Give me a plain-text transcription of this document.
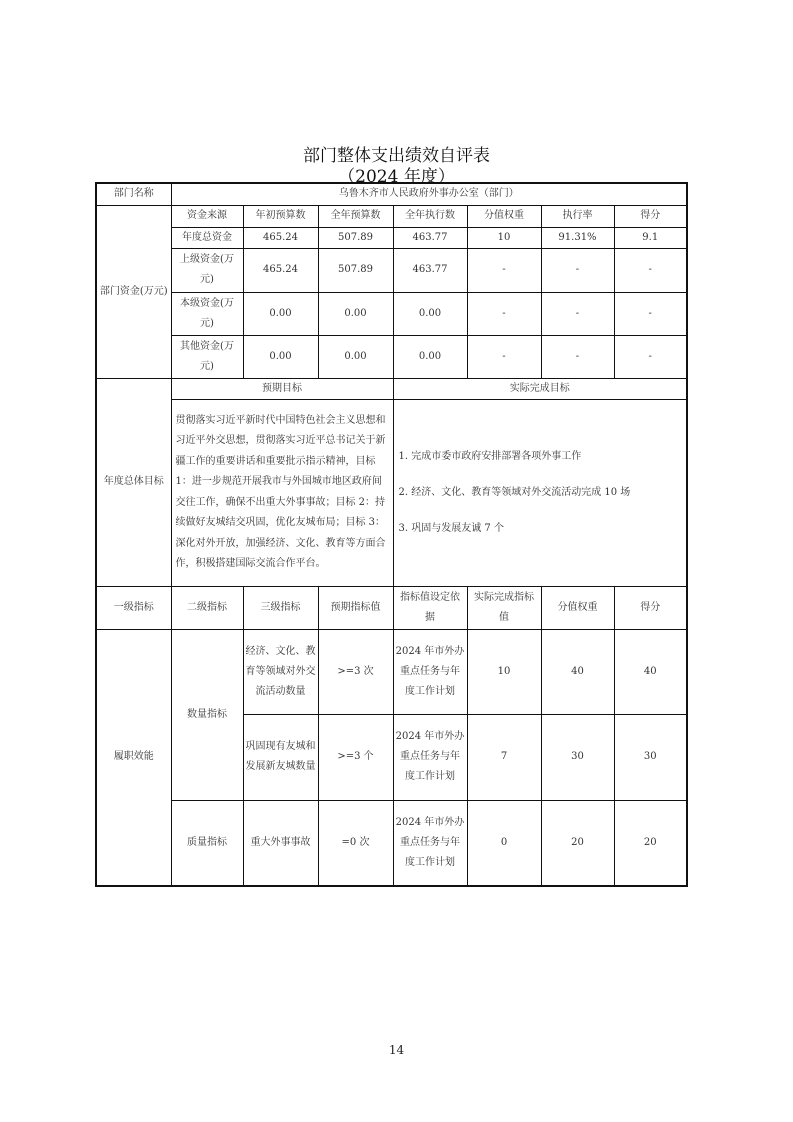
部门整体支出绩效自评表
（2024 年度）
部门名称	乌鲁木齐市人民政府外事办公室（部门）						
部门资金(万元)	资金来源	年初预算数	全年预算数	全年执行数	分值权重	执行率	得分
	年度总资金	465.24	507.89	463.77	10	91.31%	9.1
	上级资金(万元)	465.24	507.89	463.77	-	-	-
	本级资金(万元)	0.00	0.00	0.00	-	-	-
	其他资金(万元)	0.00	0.00	0.00	-	-	-
年度总体目标	预期目标			实际完成目标			
	贯彻落实习近平新时代中国特色社会主义思想和习近平外交思想，贯彻落实习近平总书记关于新疆工作的重要讲话和重要批示指示精神，目标 1：进一步规范开展我市与外国城市地区政府间交往工作，确保不出重大外事事故；目标 2：持续做好友城结交巩固，优化友城布局；目标 3：深化对外开放，加强经济、文化、教育等方面合作，积极搭建国际交流合作平台。			1. 完成市委市政府安排部署各项外事工作
2. 经济、文化、教育等领域对外交流活动完成 10 场
3. 巩固与发展友诚 7 个			

一级指标	二级指标	三级指标	预期指标值	指标值设定依据	实际完成指标值	分值权重	得分
履职效能	数量指标	经济、文化、教育等领域对外交流活动数量	>=3 次	2024 年市外办重点任务与年度工作计划	10	40	40
		巩固现有友城和发展新友城数量	>=3 个	2024 年市外办重点任务与年度工作计划	7	30	30
	质量指标	重大外事事故	=0 次	2024 年市外办重点任务与年度工作计划	0	20	20
14
